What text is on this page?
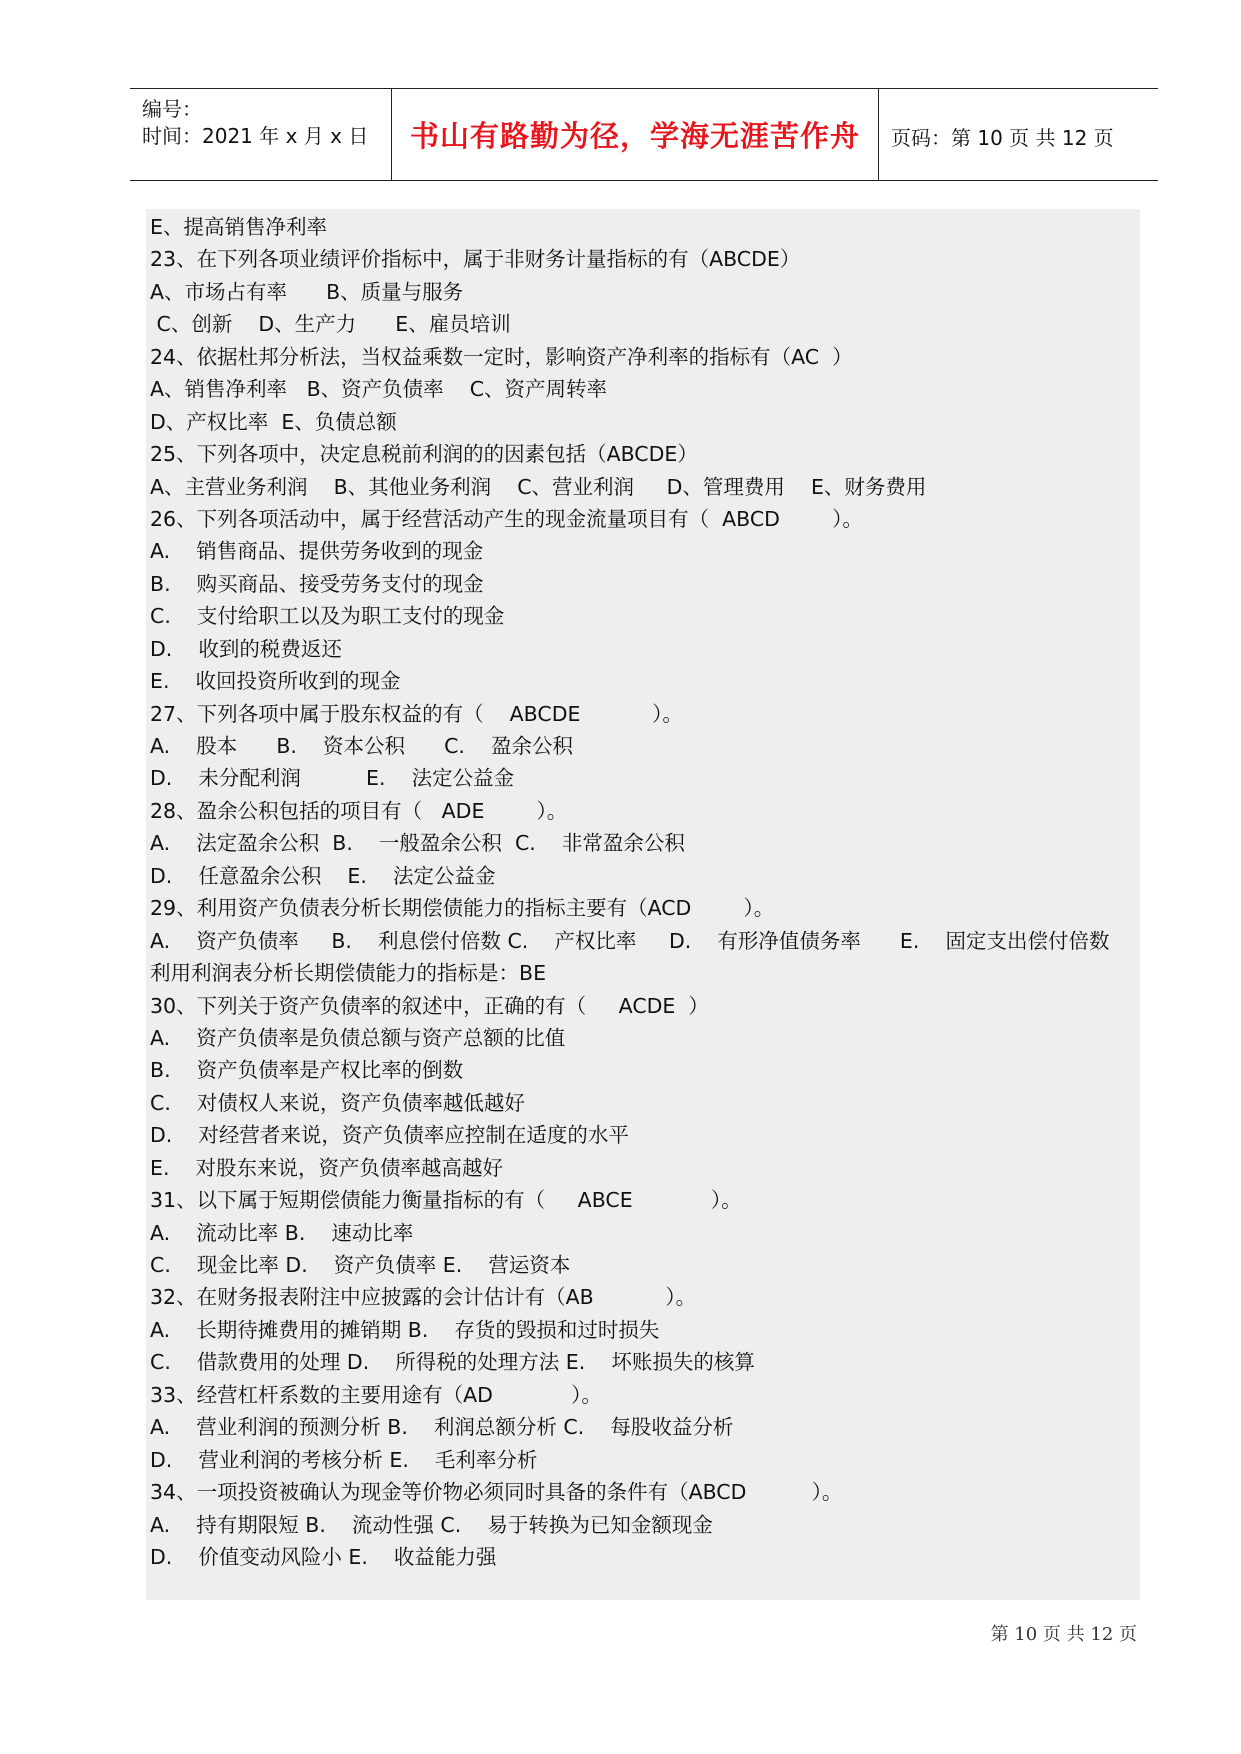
编号：
时间：2021 年 x 月 x 日	书山有路勤为径，学海无涯苦作舟	页码：第 10 页 共 12 页
E、提高销售净利率
23、在下列各项业绩评价指标中，属于非财务计量指标的有（ABCDE）
A、市场占有率      B、质量与服务
C、创新    D、生产力      E、雇员培训
24、依据杜邦分析法，当权益乘数一定时，影响资产净利率的指标有（AC  ）
A、销售净利率   B、资产负债率    C、资产周转率
D、产权比率  E、负债总额
25、下列各项中，决定息税前利润的的因素包括（ABCDE）
A、主营业务利润    B、其他业务利润    C、营业利润     D、管理费用    E、财务费用
26、下列各项活动中，属于经营活动产生的现金流量项目有（  ABCD        ）。
A.    销售商品、提供劳务收到的现金
B.    购买商品、接受劳务支付的现金
C.    支付给职工以及为职工支付的现金
D.    收到的税费返还
E.    收回投资所收到的现金
27、下列各项中属于股东权益的有（    ABCDE           ）。
A.    股本      B.    资本公积      C.    盈余公积
D.    未分配利润          E.    法定公益金
28、盈余公积包括的项目有（   ADE        ）。
A.    法定盈余公积  B.    一般盈余公积  C.    非常盈余公积
D.    任意盈余公积    E.    法定公益金
29、利用资产负债表分析长期偿债能力的指标主要有（ACD        ）。
A.    资产负债率     B.    利息偿付倍数 C.    产权比率     D.    有形净值债务率      E.    固定支出偿付倍数
利用利润表分析长期偿债能力的指标是：BE
30、下列关于资产负债率的叙述中，正确的有（     ACDE  ）
A.    资产负债率是负债总额与资产总额的比值
B.    资产负债率是产权比率的倒数
C.    对债权人来说，资产负债率越低越好
D.    对经营者来说，资产负债率应控制在适度的水平
E.    对股东来说，资产负债率越高越好
31、以下属于短期偿债能力衡量指标的有（     ABCE            ）。
A.    流动比率 B.    速动比率
C.    现金比率 D.    资产负债率 E.    营运资本
32、在财务报表附注中应披露的会计估计有（AB           ）。
A.    长期待摊费用的摊销期 B.    存货的毁损和过时损失
C.    借款费用的处理 D.    所得税的处理方法 E.    坏账损失的核算
33、经营杠杆系数的主要用途有（AD            ）。
A.    营业利润的预测分析 B.    利润总额分析 C.    每股收益分析
D.    营业利润的考核分析 E.    毛利率分析
34、一项投资被确认为现金等价物必须同时具备的条件有（ABCD          ）。
A.    持有期限短 B.    流动性强 C.    易于转换为已知金额现金
D.    价值变动风险小 E.    收益能力强
第 10 页 共 12 页
